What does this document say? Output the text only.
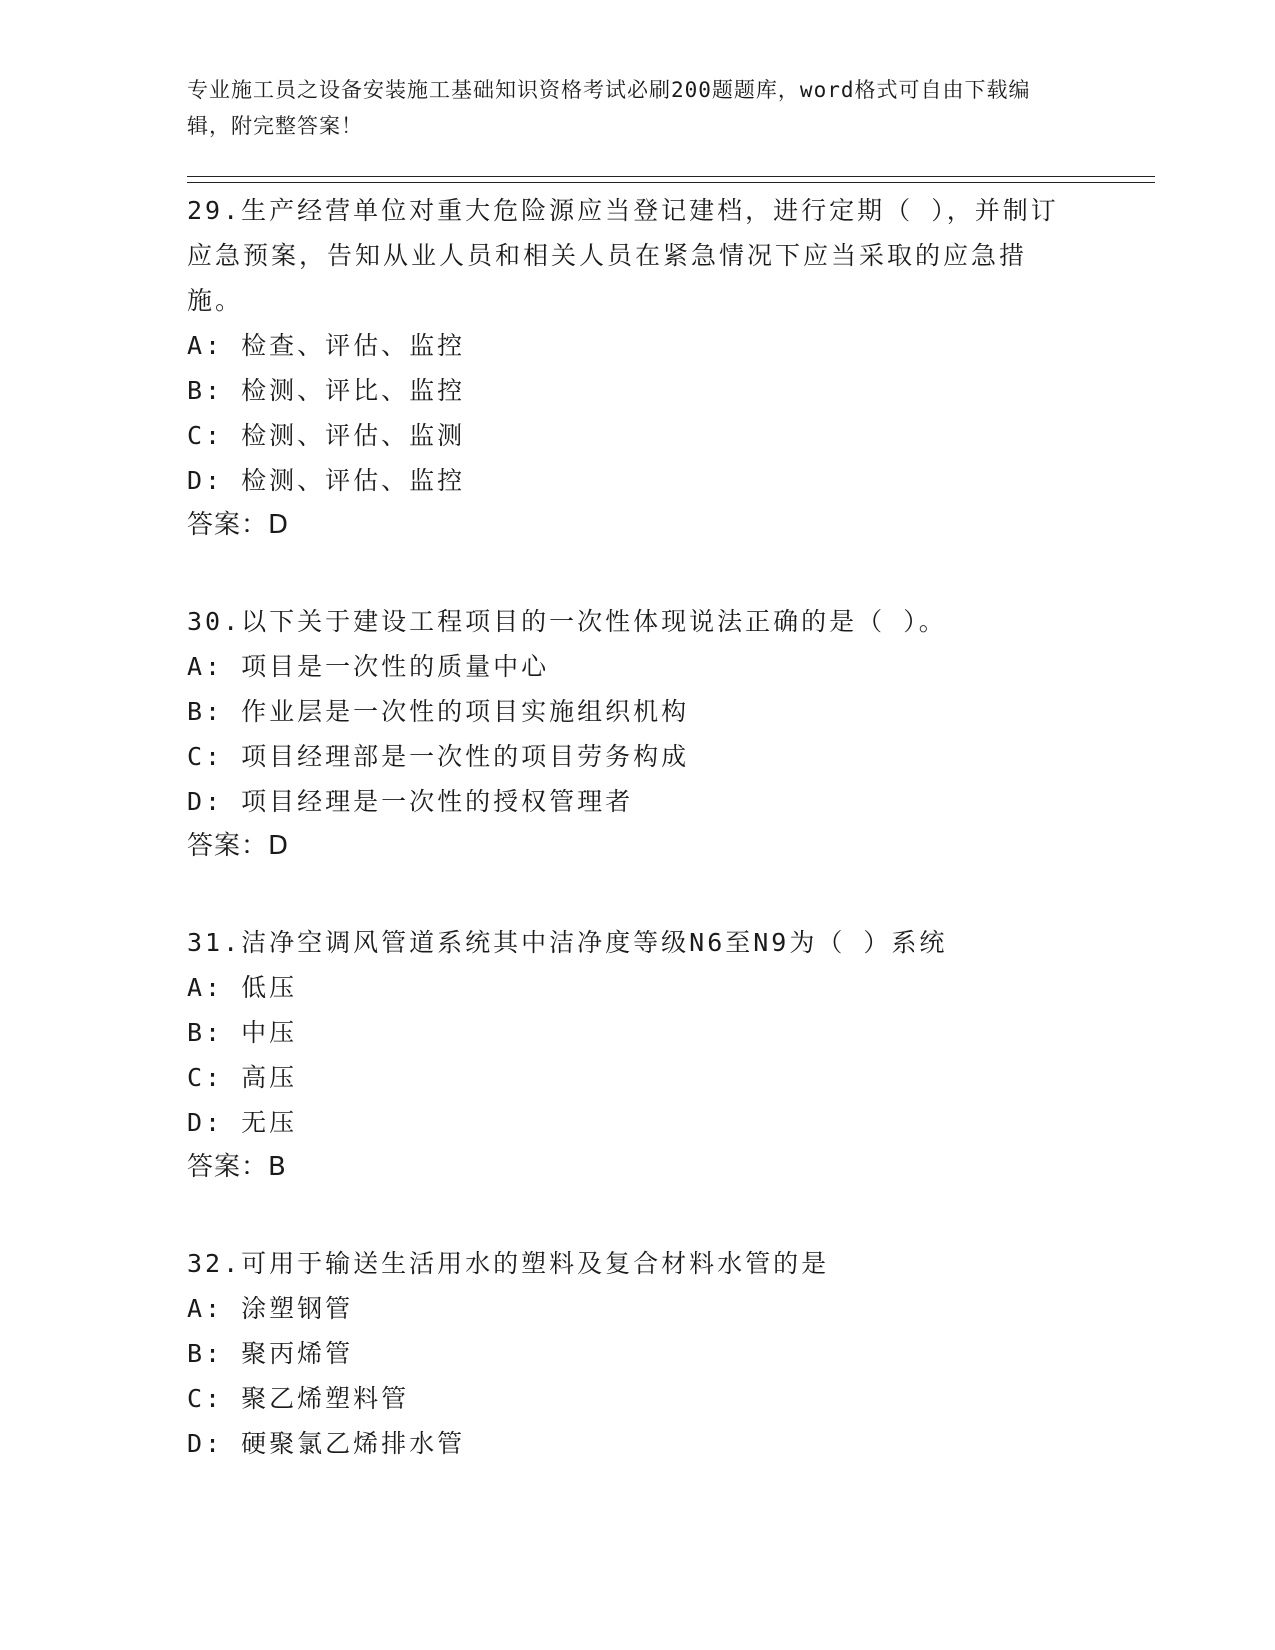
专业施工员之设备安装施工基础知识资格考试必刷200题题库，word格式可自由下载编辑，附完整答案！

29.生产经营单位对重大危险源应当登记建档，进行定期（ ），并制订应急预案，告知从业人员和相关人员在紧急情况下应当采取的应急措施。

A: 检查、评估、监控

B: 检测、评比、监控

C: 检测、评估、监测

D: 检测、评估、监控

答案：D

30.以下关于建设工程项目的一次性体现说法正确的是（ ）。

A: 项目是一次性的质量中心

B: 作业层是一次性的项目实施组织机构

C: 项目经理部是一次性的项目劳务构成

D: 项目经理是一次性的授权管理者

答案：D

31.洁净空调风管道系统其中洁净度等级N6至N9为（ ）系统

A: 低压

B: 中压

C: 高压

D: 无压

答案：B

32.可用于输送生活用水的塑料及复合材料水管的是

A: 涂塑钢管

B: 聚丙烯管

C: 聚乙烯塑料管

D: 硬聚氯乙烯排水管
